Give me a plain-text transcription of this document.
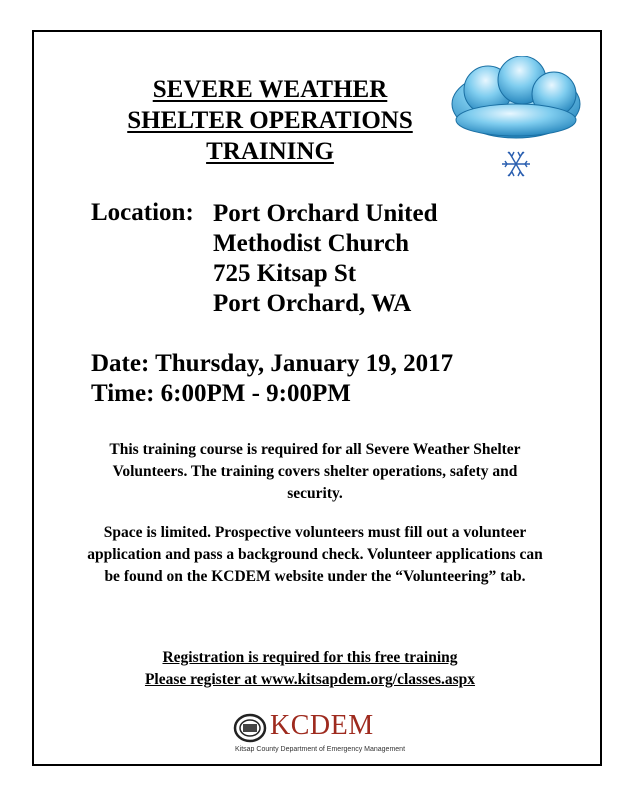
SEVERE WEATHER
SHELTER OPERATIONS
TRAINING
Location: Port Orchard United
Methodist Church
725 Kitsap St
Port Orchard, WA
Date: Thursday, January 19, 2017
Time: 6:00PM - 9:00PM
This training course is required for all Severe Weather Shelter Volunteers. The training covers shelter operations, safety and security.
Space is limited. Prospective volunteers must fill out a volunteer application and pass a background check. Volunteer applications can be found on the KCDEM website under the “Volunteering” tab.
Registration is required for this free training
Please register at www.kitsapdem.org/classes.aspx
KCDEM
Kitsap County Department of Emergency Management
